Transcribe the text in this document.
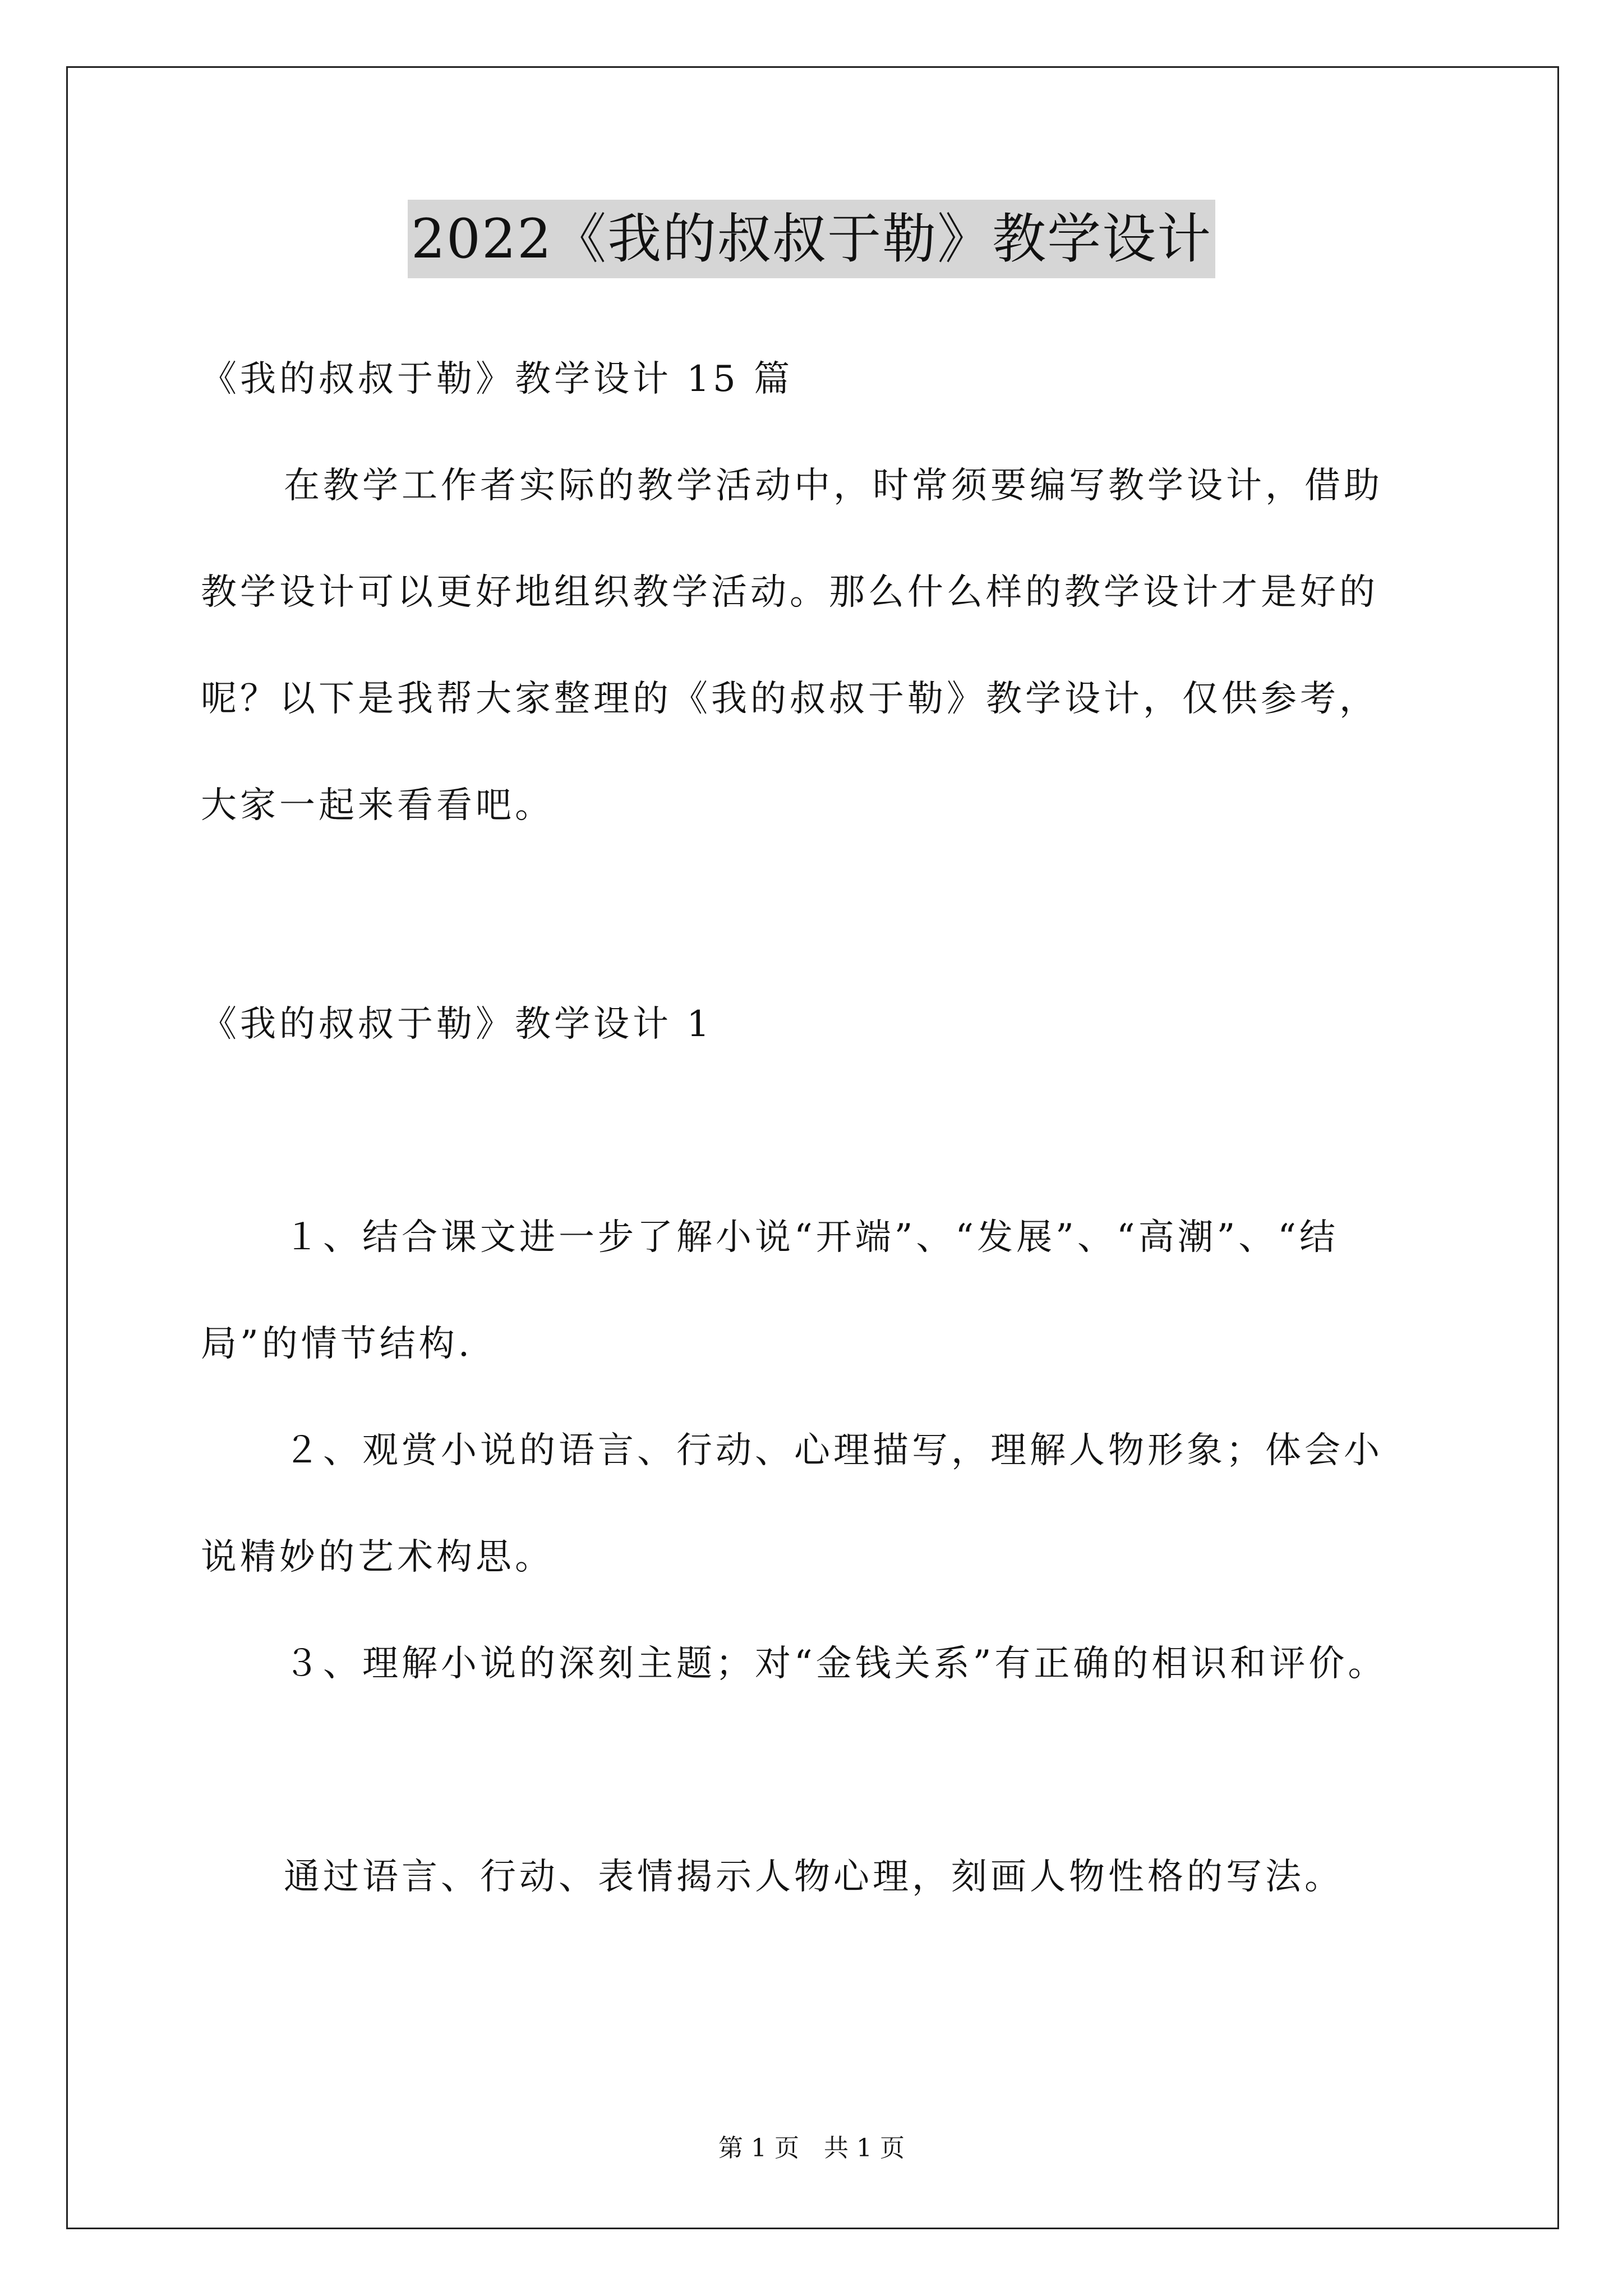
2022《我的叔叔于勒》教学设计
《我的叔叔于勒》教学设计 15 篇
在教学工作者实际的教学活动中，时常须要编写教学设计，借助
教学设计可以更好地组织教学活动。那么什么样的教学设计才是好的
呢？以下是我帮大家整理的《我的叔叔于勒》教学设计，仅供参考，
大家一起来看看吧。
《我的叔叔于勒》教学设计 1
１、结合课文进一步了解小说“开端”、“发展”、“高潮”、“结
局”的情节结构.
２、观赏小说的语言、行动、心理描写，理解人物形象；体会小
说精妙的艺术构思。
３、理解小说的深刻主题；对“金钱关系”有正确的相识和评价。
通过语言、行动、表情揭示人物心理，刻画人物性格的写法。
第 1 页　共 1 页
